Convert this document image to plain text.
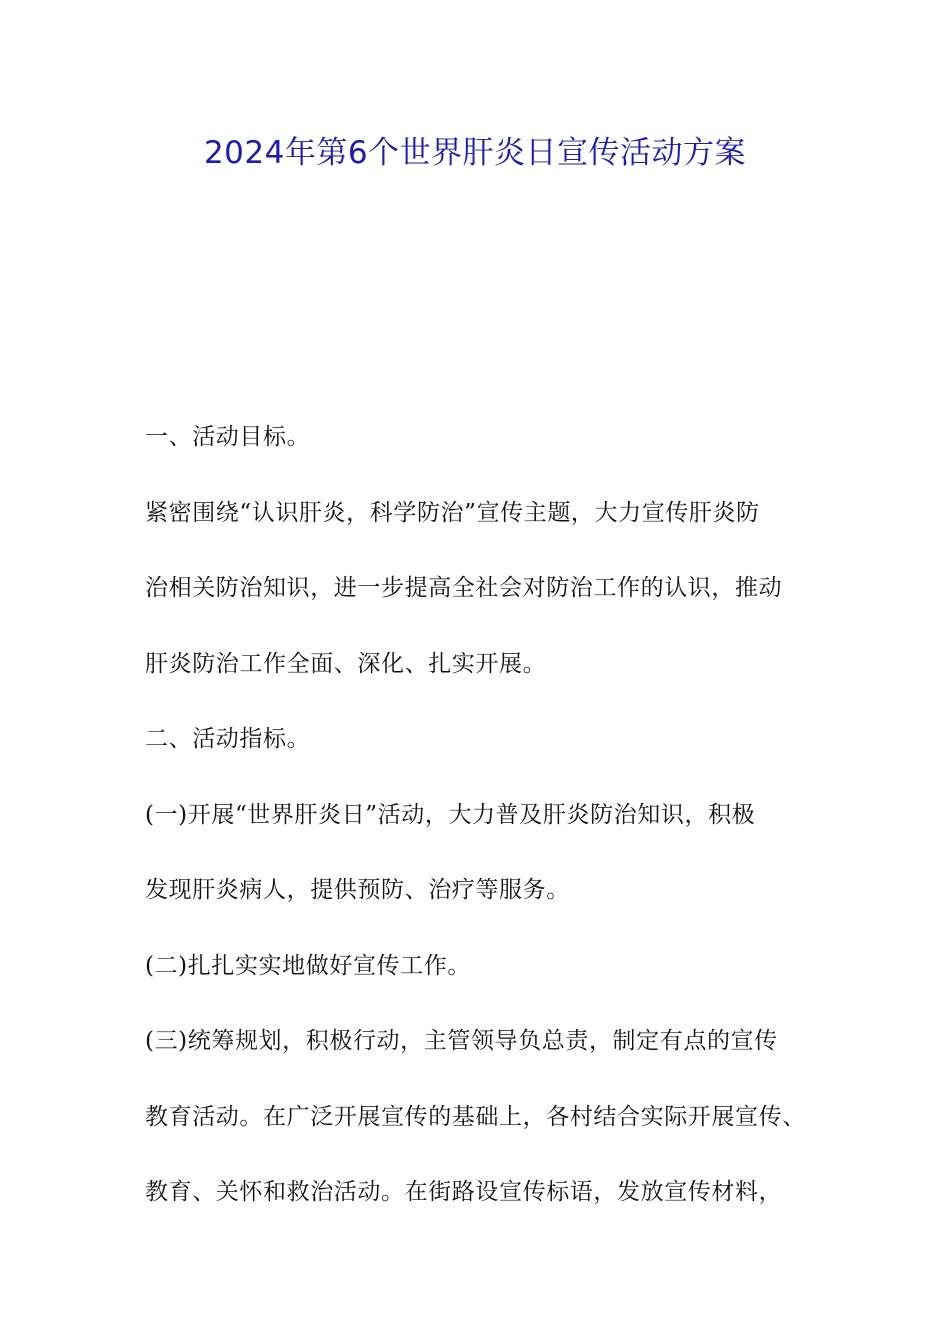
2024年第6个世界肝炎日宣传活动方案
一、活动目标。
紧密围绕“认识肝炎，科学防治”宣传主题，大力宣传肝炎防
治相关防治知识，进一步提高全社会对防治工作的认识，推动
肝炎防治工作全面、深化、扎实开展。
二、活动指标。
(一)开展“世界肝炎日”活动，大力普及肝炎防治知识，积极
发现肝炎病人，提供预防、治疗等服务。
(二)扎扎实实地做好宣传工作。
(三)统筹规划，积极行动，主管领导负总责，制定有点的宣传
教育活动。在广泛开展宣传的基础上，各村结合实际开展宣传、
教育、关怀和救治活动。在街路设宣传标语，发放宣传材料，
